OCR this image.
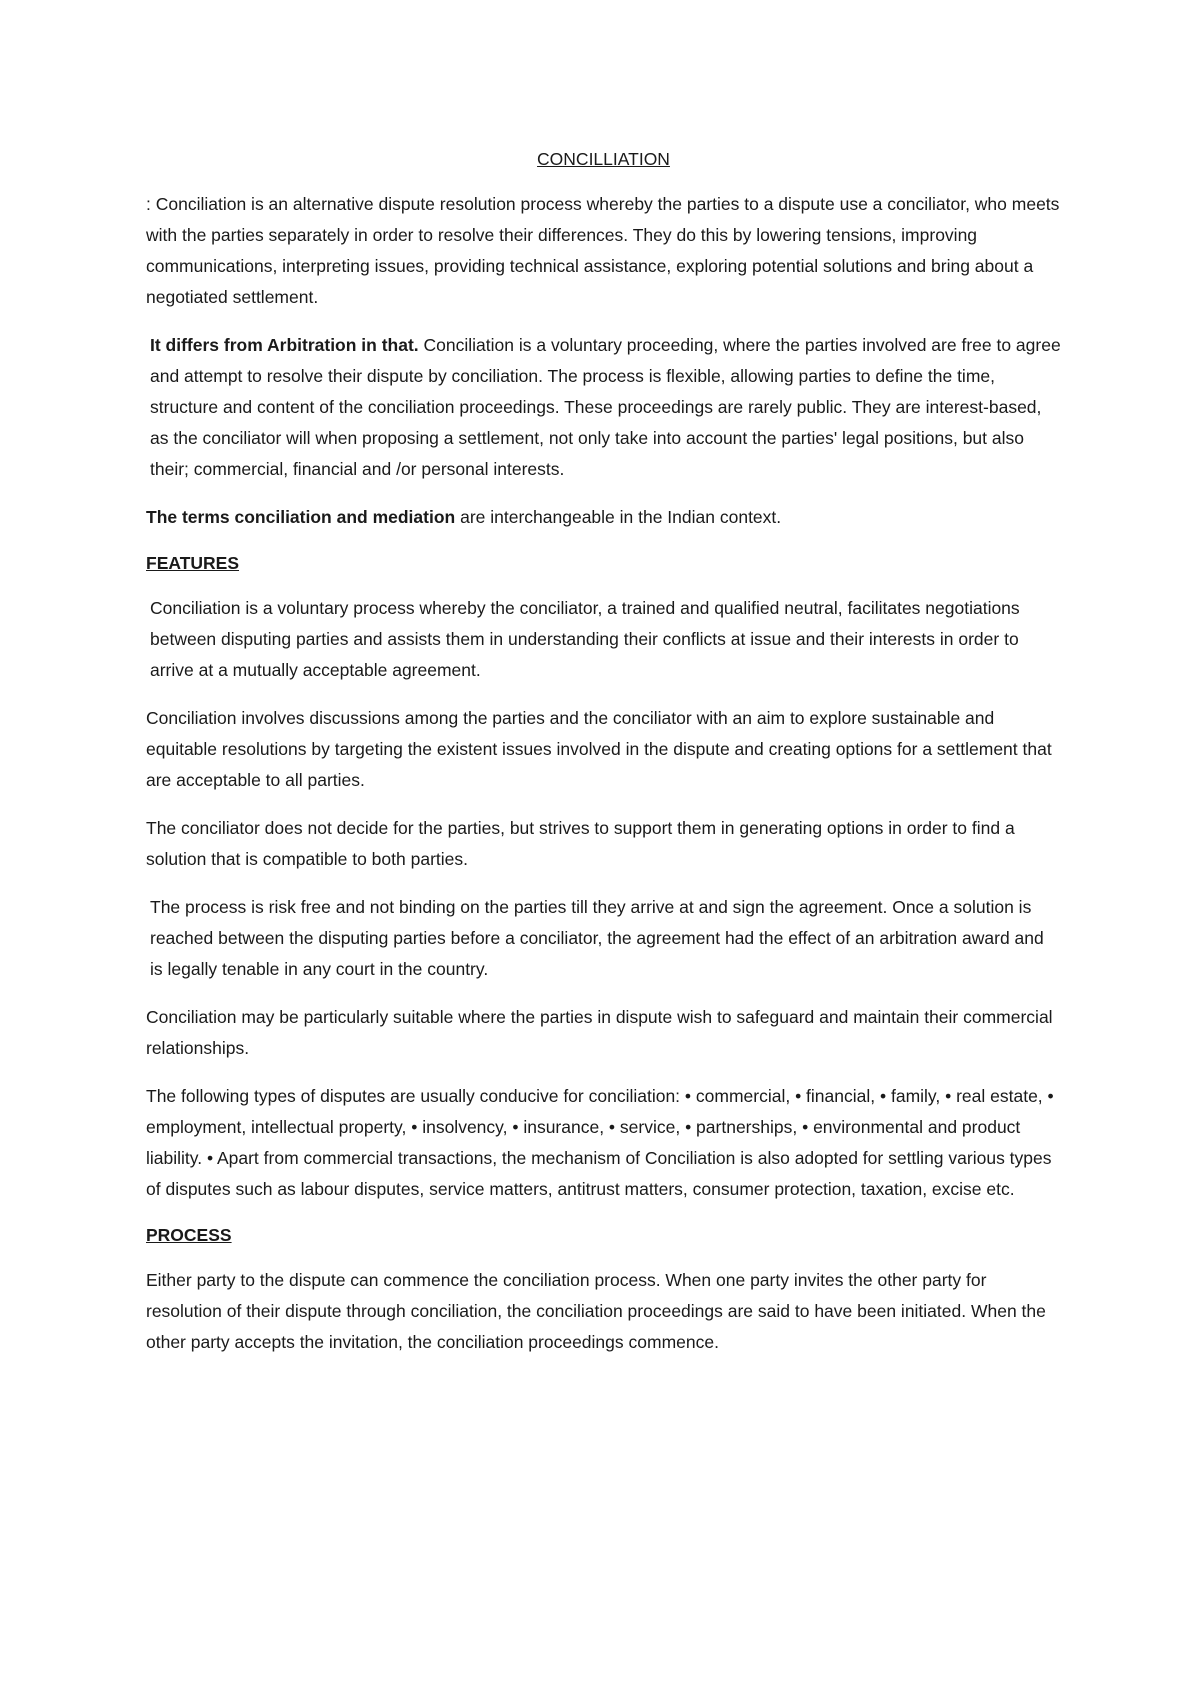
CONCILLIATION

: Conciliation is an alternative dispute resolution process whereby the parties to a dispute use a conciliator, who meets with the parties separately in order to resolve their differences. They do this by lowering tensions, improving communications, interpreting issues, providing technical assistance, exploring potential solutions and bring about a negotiated settlement.

It differs from Arbitration in that. Conciliation is a voluntary proceeding, where the parties involved are free to agree and attempt to resolve their dispute by conciliation. The process is flexible, allowing parties to define the time, structure and content of the conciliation proceedings. These proceedings are rarely public. They are interest-based, as the conciliator will when proposing a settlement, not only take into account the parties' legal positions, but also their; commercial, financial and /or personal interests.

The terms conciliation and mediation are interchangeable in the Indian context.

FEATURES

Conciliation is a voluntary process whereby the conciliator, a trained and qualified neutral, facilitates negotiations between disputing parties and assists them in understanding their conflicts at issue and their interests in order to arrive at a mutually acceptable agreement.

Conciliation involves discussions among the parties and the conciliator with an aim to explore sustainable and equitable resolutions by targeting the existent issues involved in the dispute and creating options for a settlement that are acceptable to all parties.

The conciliator does not decide for the parties, but strives to support them in generating options in order to find a solution that is compatible to both parties.

The process is risk free and not binding on the parties till they arrive at and sign the agreement. Once a solution is reached between the disputing parties before a conciliator, the agreement had the effect of an arbitration award and is legally tenable in any court in the country.

Conciliation may be particularly suitable where the parties in dispute wish to safeguard and maintain their commercial relationships.

The following types of disputes are usually conducive for conciliation: • commercial, • financial, • family, • real estate, • employment, intellectual property, • insolvency, • insurance, • service, • partnerships, • environmental and product liability. • Apart from commercial transactions, the mechanism of Conciliation is also adopted for settling various types of disputes such as labour disputes, service matters, antitrust matters, consumer protection, taxation, excise etc.

PROCESS

Either party to the dispute can commence the conciliation process. When one party invites the other party for resolution of their dispute through conciliation, the conciliation proceedings are said to have been initiated. When the other party accepts the invitation, the conciliation proceedings commence.
